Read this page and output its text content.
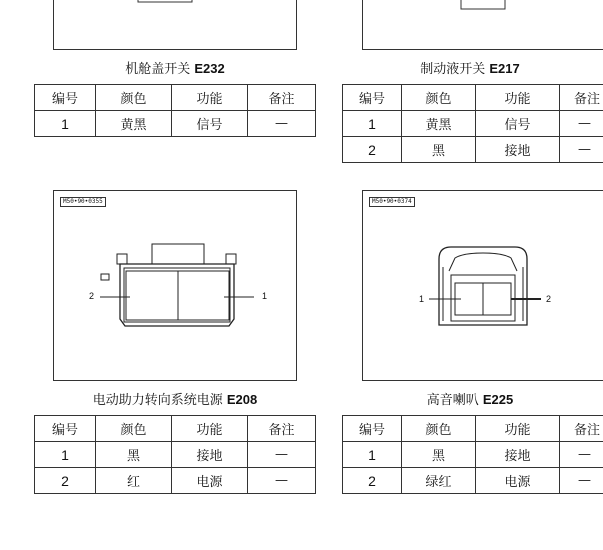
机舱盖开关 E232
编号	颜色	功能	备注
1	黄黑	信号	—
制动液开关 E217
编号	颜色	功能	备注
1	黄黑	信号	—
2	黑	接地	—
M50•90•0355
2	1
电动助力转向系统电源 E208
编号	颜色	功能	备注
1	黑	接地	—
2	红	电源	—
M50•90•0374
1	2
高音喇叭 E225
编号	颜色	功能	备注
1	黑	接地	—
2	绿红	电源	—
